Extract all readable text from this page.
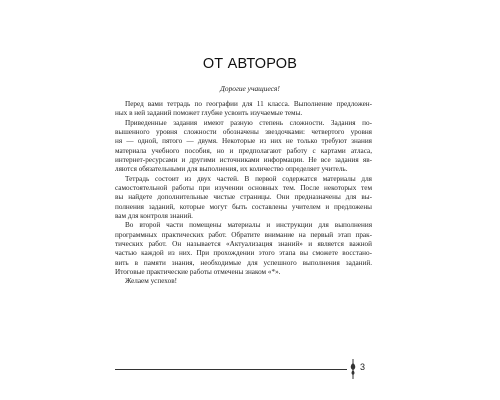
ОТ АВТОРОВ
Дорогие учащиеся!
Перед вами тетрадь по географии для 11 класса. Выполнение предложен-
ных в ней заданий поможет глубже усвоить изучаемые темы.
Приведенные задания имеют разную степень сложности. Задания по-
вышенного уровня сложности обозначены звездочками: четвертого уровня
ня — одной, пятого — двумя. Некоторые из них не только требуют знания
материала учебного пособия, но и предполагают работу с картами атласа,
интернет-ресурсами и другими источниками информации. Не все задания яв-
ляются обязательными для выполнения, их количество определяет учитель.
Тетрадь состоит из двух частей. В первой содержатся материалы для
самостоятельной работы при изучении основных тем. После некоторых тем
вы найдете дополнительные чистые страницы. Они предназначены для вы-
полнения заданий, которые могут быть составлены учителем и предложены
вам для контроля знаний.
Во второй части помещены материалы и инструкции для выполнения
программных практических работ. Обратите внимание на первый этап прак-
тических работ. Он называется «Актуализация знаний» и является важной
частью каждой из них. При прохождении этого этапа вы сможете восстано-
вить в памяти знания, необходимые для успешного выполнения заданий.
Итоговые практические работы отмечены знаком «*».
Желаем успехов!
3
